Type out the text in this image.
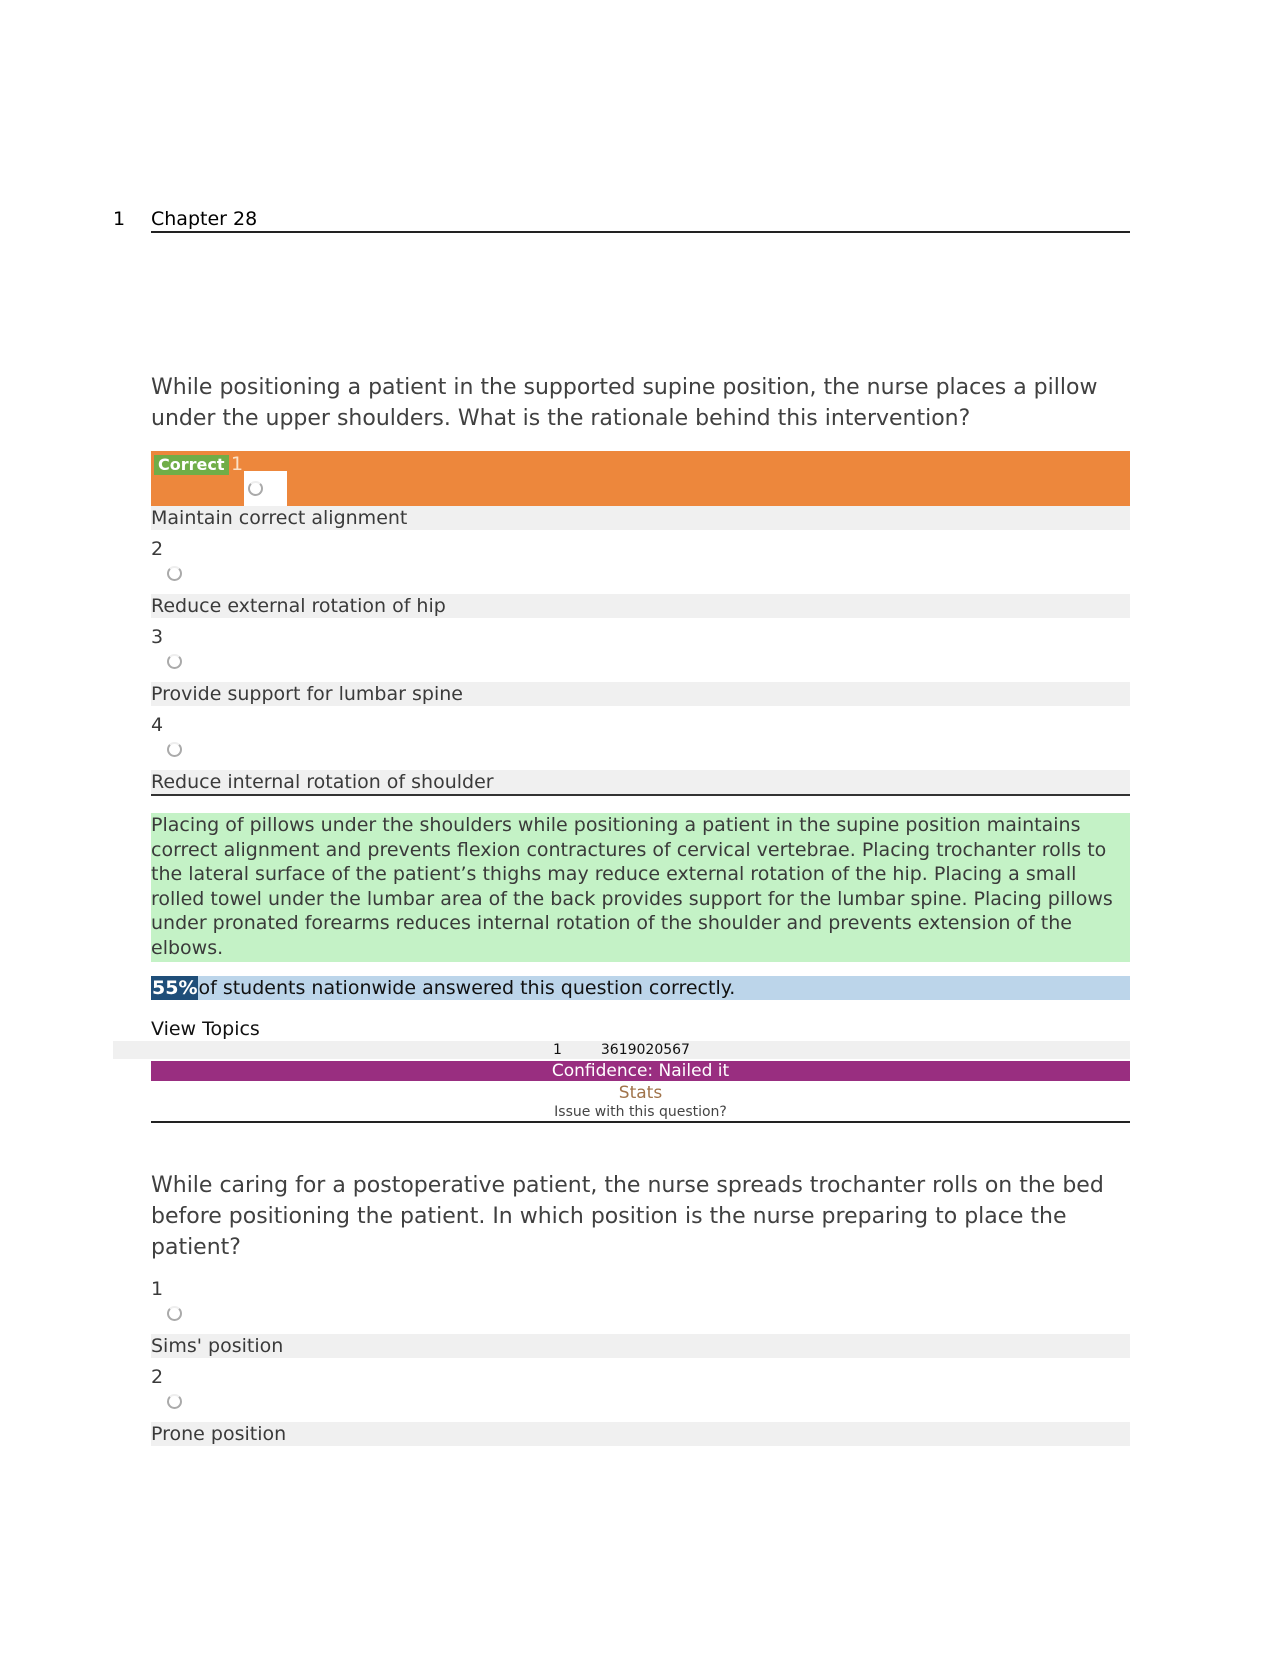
1 Chapter 28
While positioning a patient in the supported supine position, the nurse places a pillow under the upper shoulders. What is the rationale behind this intervention?
Correct 1
Maintain correct alignment
2
Reduce external rotation of hip
3
Provide support for lumbar spine
4
Reduce internal rotation of shoulder
Placing of pillows under the shoulders while positioning a patient in the supine position maintains correct alignment and prevents flexion contractures of cervical vertebrae. Placing trochanter rolls to the lateral surface of the patient’s thighs may reduce external rotation of the hip. Placing a small rolled towel under the lumbar area of the back provides support for the lumbar spine. Placing pillows under pronated forearms reduces internal rotation of the shoulder and prevents extension of the elbows.
55%of students nationwide answered this question correctly.
View Topics
1	3619020567
Confidence: Nailed it
Stats
Issue with this question?
While caring for a postoperative patient, the nurse spreads trochanter rolls on the bed before positioning the patient. In which position is the nurse preparing to place the patient?
1
Sims' position
2
Prone position
